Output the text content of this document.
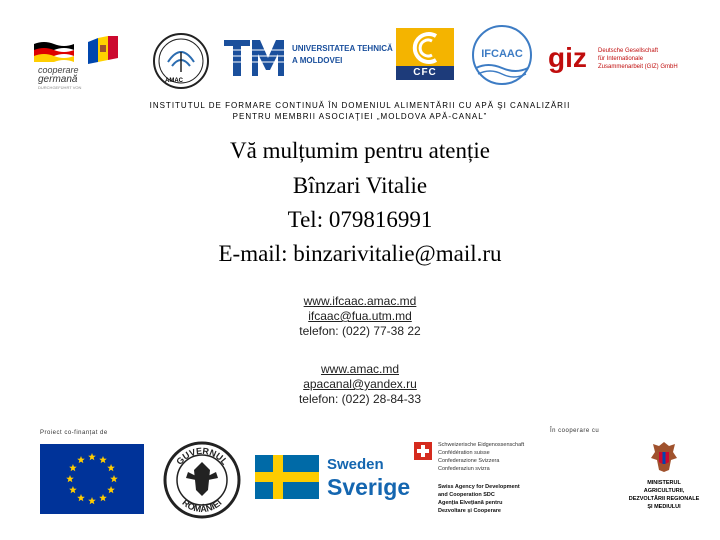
cooperare
germană
DURCHGEFÜHRT VON
AMAC
UNIVERSITATEA TEHNICĂ
A MOLDOVEI
CFC
IFCAAC giz Deutsche Gesellschaft
für Internationale
Zusammenarbeit (GIZ) GmbH
INSTITUTUL DE FORMARE CONTINUĂ ÎN DOMENIUL ALIMENTĂRII CU APĂ ŞI CANALIZĂRII
PENTRU MEMBRII ASOCIAŢIEI „MOLDOVA APĂ-CANAL”
Vă mulțumim pentru atenție
Bînzari Vitalie
Tel: 079816991
E-mail: binzarivitalie@mail.ru
www.ifcaac.amac.md
ifcaac@fua.utm.md
telefon: (022) 77-38 22
www.amac.md
apacanal@yandex.ru
telefon: (022) 28-84-33
Proiect co-finanțat de	În cooperare cu
GUVERNUL
ROMÂNIEI
Sweden
Sverige
Schweizerische Eidgenossenschaft
Confédération suisse
Confederazione Svizzera
Confederaziun svizra
Swiss Agency for Development
and Cooperation SDC
Agenția Elvețiană pentru
Dezvoltare și Cooperare
MINISTERUL
AGRICULTURII,
DEZVOLTĂRII REGIONALE
ȘI MEDIULUI
